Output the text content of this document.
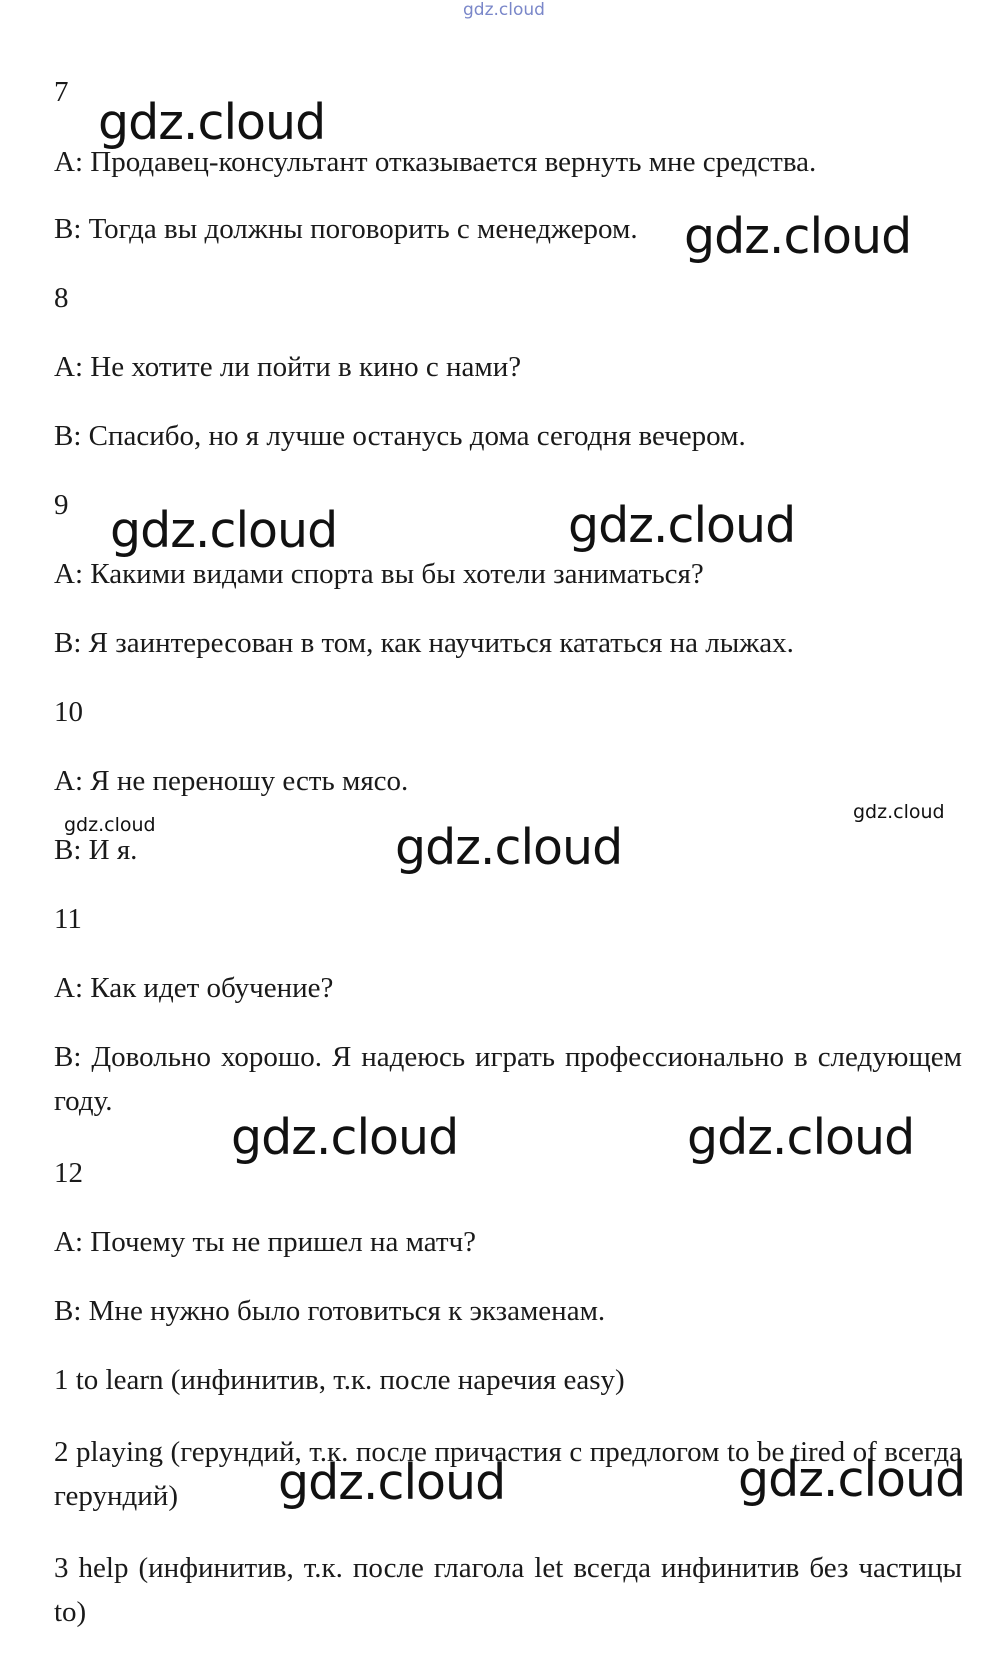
gdz.cloud
7
A: Продавец-консультант отказывается вернуть мне средства.
B: Тогда вы должны поговорить с менеджером.
8
A: Не хотите ли пойти в кино с нами?
B: Спасибо, но я лучше останусь дома сегодня вечером.
9
A: Какими видами спорта вы бы хотели заниматься?
B: Я заинтересован в том, как научиться кататься на лыжах.
10
A: Я не переношу есть мясо.
B: И я.
11
A: Как идет обучение?
B: Довольно хорошо. Я надеюсь играть профессионально в следующем году.
12
A: Почему ты не пришел на матч?
B: Мне нужно было готовиться к экзаменам.
1 to learn (инфинитив, т.к. после наречия easy)
2 playing (герундий, т.к. после причастия с предлогом to be tired of всегда герундий)
3 help (инфинитив, т.к. после глагола let всегда инфинитив без частицы to)
gdz.cloud
gdz.cloud
gdz.cloud	gdz.cloud
gdz.cloud
gdz.cloud
gdz.cloud
gdz.cloud	gdz.cloud
gdz.cloud	gdz.cloud
